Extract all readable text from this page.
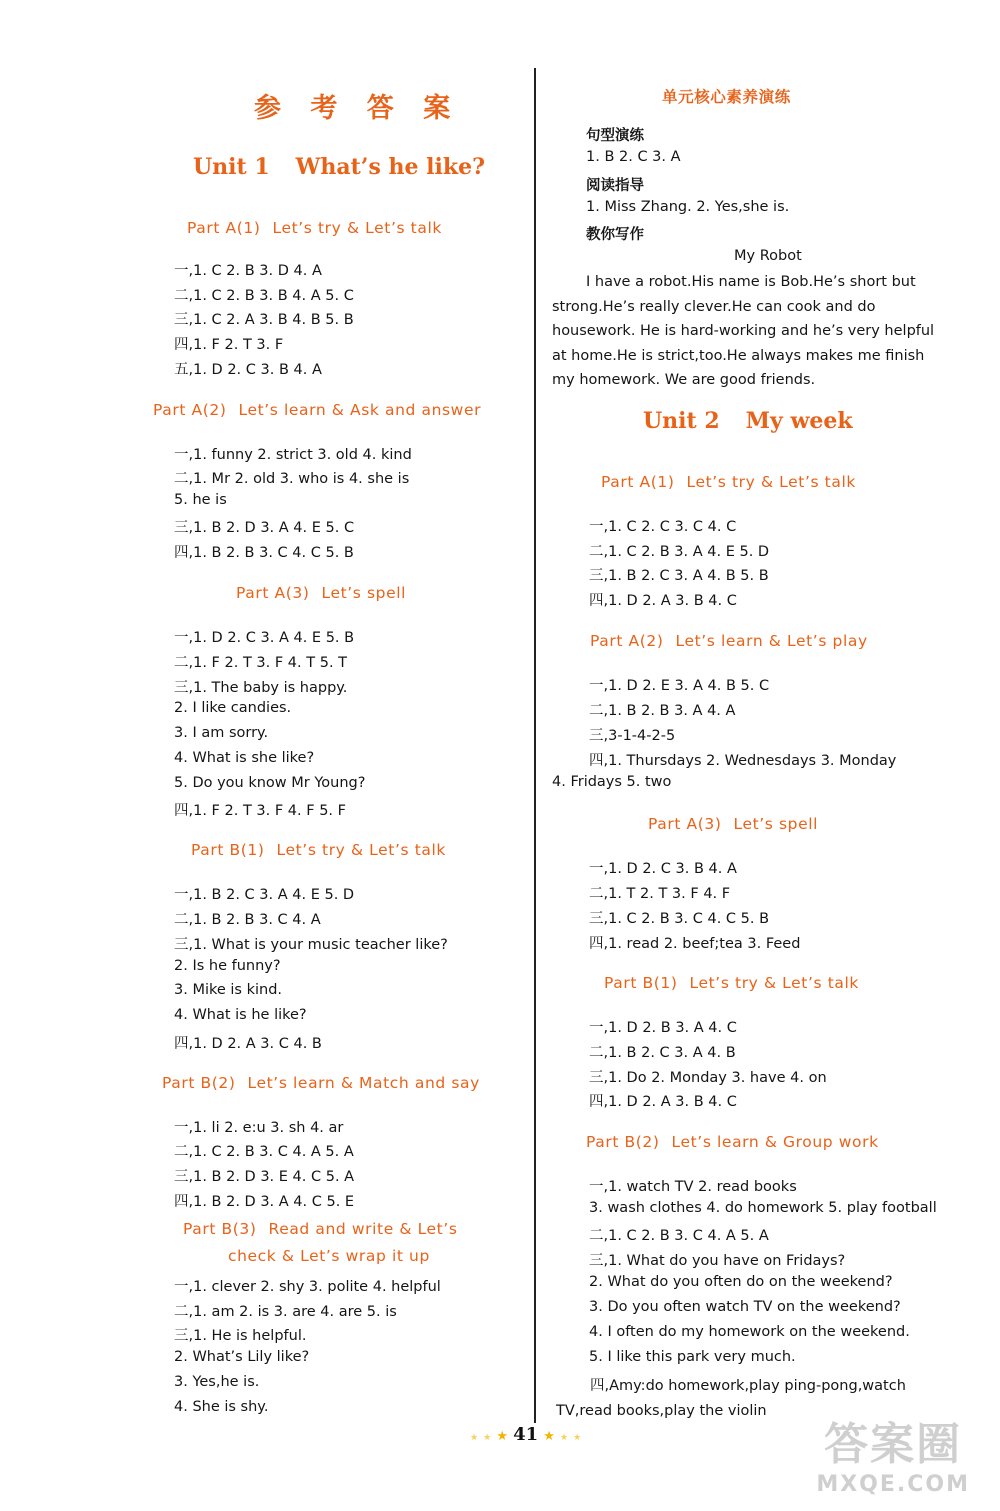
参 考 答 案
Unit 1 What’s he like?
Part A(1) Let’s try & Let’s talk
一,1. C 2. B 3. D 4. A
二,1. C 2. B 3. B 4. A 5. C
三,1. C 2. A 3. B 4. B 5. B
四,1. F 2. T 3. F
五,1. D 2. C 3. B 4. A
Part A(2) Let’s learn & Ask and answer
一,1. funny 2. strict 3. old 4. kind
二,1. Mr 2. old 3. who is 4. she is
5. he is
三,1. B 2. D 3. A 4. E 5. C
四,1. B 2. B 3. C 4. C 5. B
Part A(3) Let’s spell
一,1. D 2. C 3. A 4. E 5. B
二,1. F 2. T 3. F 4. T 5. T
三,1. The baby is happy.
2. I like candies.
3. I am sorry.
4. What is she like?
5. Do you know Mr Young?
四,1. F 2. T 3. F 4. F 5. F
Part B(1) Let’s try & Let’s talk
一,1. B 2. C 3. A 4. E 5. D
二,1. B 2. B 3. C 4. A
三,1. What is your music teacher like?
2. Is he funny?
3. Mike is kind.
4. What is he like?
四,1. D 2. A 3. C 4. B
Part B(2) Let’s learn & Match and say
一,1. li 2. e:u 3. sh 4. ar
二,1. C 2. B 3. C 4. A 5. A
三,1. B 2. D 3. E 4. C 5. A
四,1. B 2. D 3. A 4. C 5. E
Part B(3) Read and write & Let’s
check & Let’s wrap it up
一,1. clever 2. shy 3. polite 4. helpful
二,1. am 2. is 3. are 4. are 5. is
三,1. He is helpful.
2. What’s Lily like?
3. Yes,he is.
4. She is shy.
单元核心素养演练
句型演练
1. B 2. C 3. A
阅读指导
1. Miss Zhang. 2. Yes,she is.
教你写作
My Robot
I have a robot.His name is Bob.He’s short but strong.He’s really clever.He can cook and do housework. He is hard-working and he’s very helpful at home.He is strict,too.He always makes me finish my homework. We are good friends.
Unit 2 My week
Part A(1) Let’s try & Let’s talk
一,1. C 2. C 3. C 4. C
二,1. C 2. B 3. A 4. E 5. D
三,1. B 2. C 3. A 4. B 5. B
四,1. D 2. A 3. B 4. C
Part A(2) Let’s learn & Let’s play
一,1. D 2. E 3. A 4. B 5. C
二,1. B 2. B 3. A 4. A
三,3-1-4-2-5
四,1. Thursdays 2. Wednesdays 3. Monday
4. Fridays 5. two
Part A(3) Let’s spell
一,1. D 2. C 3. B 4. A
二,1. T 2. T 3. F 4. F
三,1. C 2. B 3. C 4. C 5. B
四,1. read 2. beef;tea 3. Feed
Part B(1) Let’s try & Let’s talk
一,1. D 2. B 3. A 4. C
二,1. B 2. C 3. A 4. B
三,1. Do 2. Monday 3. have 4. on
四,1. D 2. A 3. B 4. C
Part B(2) Let’s learn & Group work
一,1. watch TV 2. read books
3. wash clothes 4. do homework 5. play football
二,1. C 2. B 3. C 4. A 5. A
三,1. What do you have on Fridays?
2. What do you often do on the weekend?
3. Do you often watch TV on the weekend?
4. I often do my homework on the weekend.
5. I like this park very much.
四,Amy:do homework,play ping-pong,watch TV,read books,play the violin
★ ★ ★ 41 ★ ★ ★	答案圈
MXQE.COM
